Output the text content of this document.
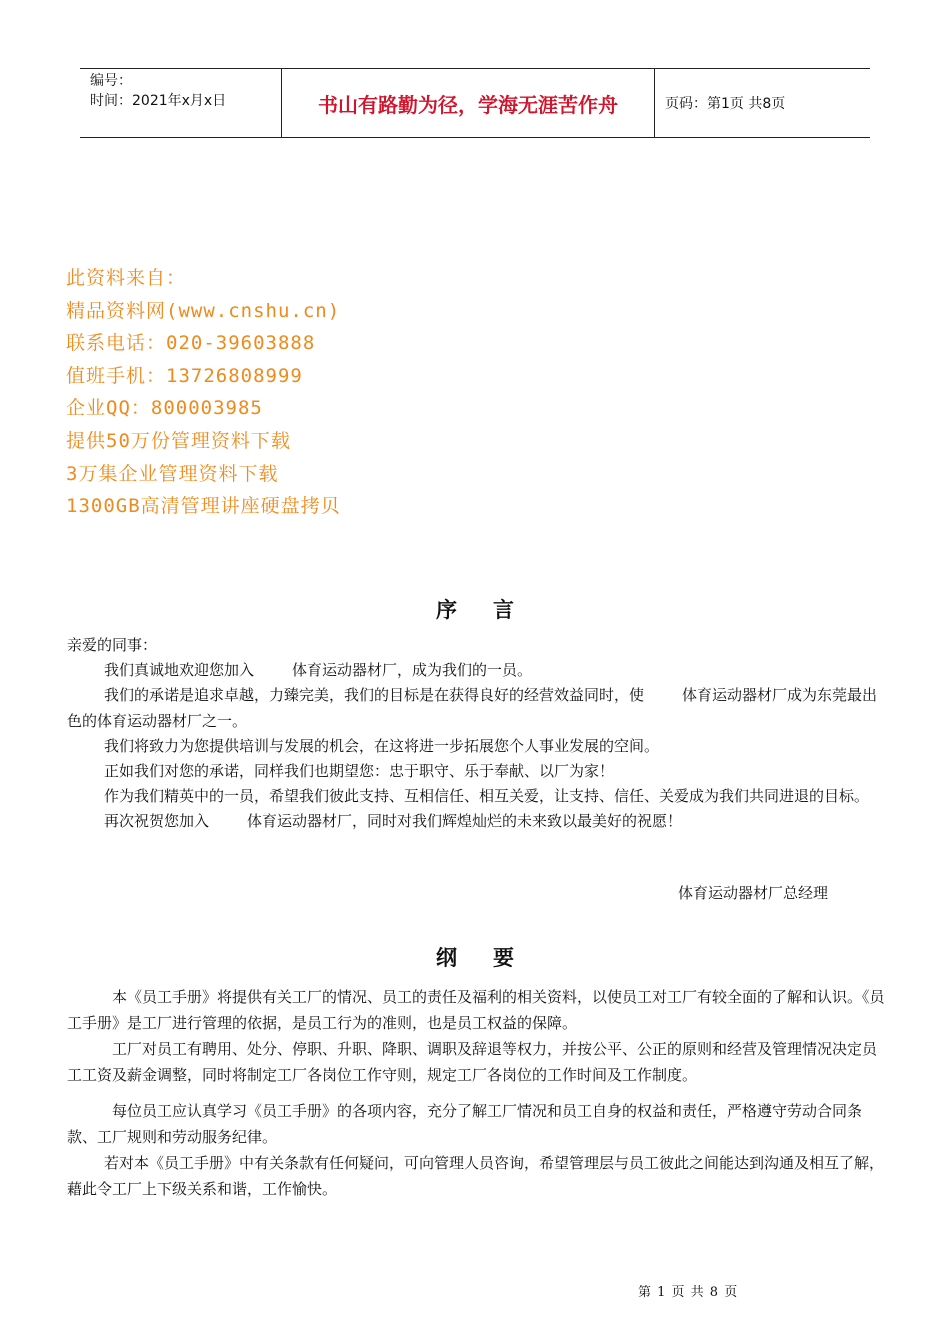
编号：
时间：2021年x月x日	书山有路勤为径，学海无涯苦作舟	页码：第1页 共8页
此资料来自：
精品资料网(www.cnshu.cn)
联系电话：020-39603888
值班手机：13726808999
企业QQ：800003985
提供50万份管理资料下载
3万集企业管理资料下载
1300GB高清管理讲座硬盘拷贝
序言

亲爱的同事：

我们真诚地欢迎您加入	体育运动器材厂，成为我们的一员。

我们的承诺是追求卓越，力臻完美，我们的目标是在获得良好的经营效益同时，使	体育运动器材厂成为东莞最出色的体育运动器材厂之一。

我们将致力为您提供培训与发展的机会，在这将进一步拓展您个人事业发展的空间。

正如我们对您的承诺，同样我们也期望您：忠于职守、乐于奉献、以厂为家！

作为我们精英中的一员，希望我们彼此支持、互相信任、相互关爱，让支持、信任、关爱成为我们共同进退的目标。

再次祝贺您加入	体育运动器材厂，同时对我们辉煌灿烂的未来致以最美好的祝愿！

体育运动器材厂总经理
纲要

本《员工手册》将提供有关工厂的情况、员工的责任及福利的相关资料，以使员工对工厂有较全面的了解和认识。《员工手册》是工厂进行管理的依据，是员工行为的准则，也是员工权益的保障。

工厂对员工有聘用、处分、停职、升职、降职、调职及辞退等权力，并按公平、公正的原则和经营及管理情况决定员工工资及薪金调整，同时将制定工厂各岗位工作守则，规定工厂各岗位的工作时间及工作制度。

每位员工应认真学习《员工手册》的各项内容，充分了解工厂情况和员工自身的权益和责任，严格遵守劳动合同条款、工厂规则和劳动服务纪律。

若对本《员工手册》中有关条款有任何疑问，可向管理人员咨询，希望管理层与员工彼此之间能达到沟通及相互了解，藉此令工厂上下级关系和谐，工作愉快。

第 1 页 共 8 页
